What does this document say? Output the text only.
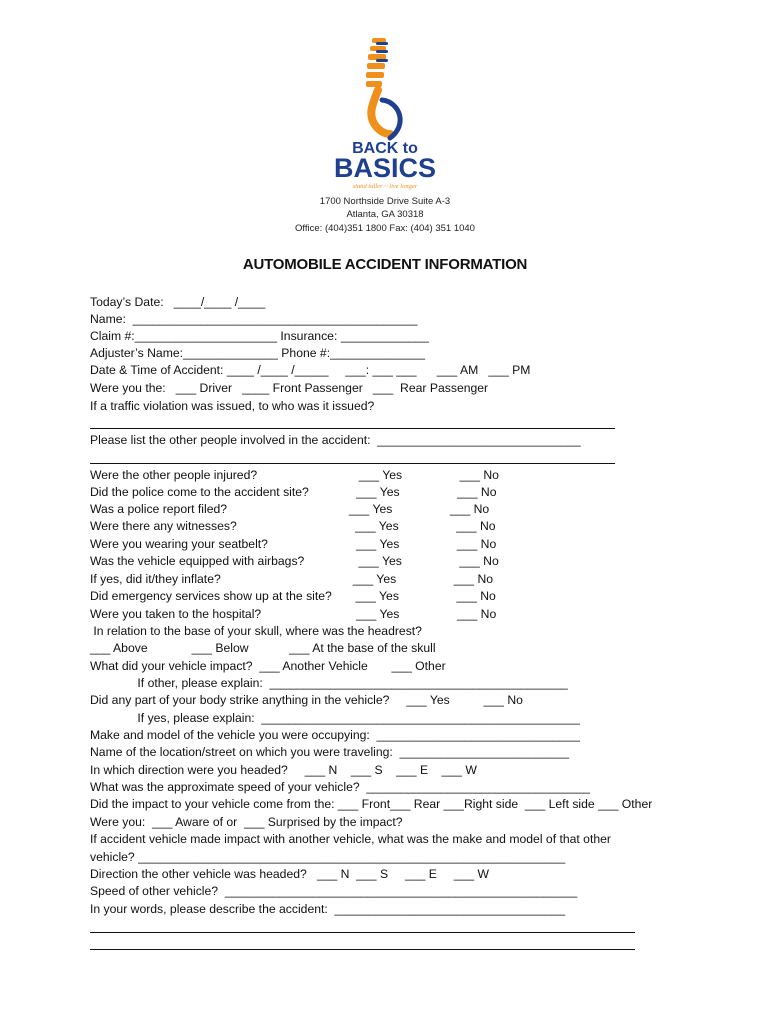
BACK to
BASICS
stand taller ~ live longer
1700 Northside Drive Suite A-3
Atlanta, GA 30318
Office: (404)351 1800 Fax: (404) 351 1040
AUTOMOBILE ACCIDENT INFORMATION
Today’s Date:   ____/____ /____
Name:  __________________________________________
Claim #:_____________________ Insurance: _____________
Adjuster’s Name:______________ Phone #:______________
Date & Time of Accident: ____ /____ /_____     ___: ___ ___      ___ AM   ___ PM
Were you the:   ___ Driver   ____ Front Passenger   ___  Rear Passenger
If a traffic violation was issued, to who was it issued?
Please list the other people involved in the accident:  ______________________________
Were the other people injured?                              ___ Yes                 ___ No
Did the police come to the accident site?              ___ Yes                 ___ No
Was a police report filed?                                    ___ Yes                 ___ No
Were there any witnesses?                                   ___ Yes                 ___ No
Were you wearing your seatbelt?                          ___ Yes                 ___ No
Was the vehicle equipped with airbags?                ___ Yes                 ___ No
If yes, did it/they inflate?                                       ___ Yes                 ___ No
Did emergency services show up at the site?       ___ Yes                 ___ No
Were you taken to the hospital?                            ___ Yes                 ___ No
In relation to the base of your skull, where was the headrest?
___ Above             ___ Below            ___ At the base of the skull
What did your vehicle impact?  ___ Another Vehicle       ___ Other
If other, please explain:  ____________________________________________
Did any part of your body strike anything in the vehicle?     ___ Yes          ___ No
If yes, please explain:  _______________________________________________
Make and model of the vehicle you were occupying:  ______________________________
Name of the location/street on which you were traveling:  _________________________
In which direction were you headed?     ___ N    ___ S    ___ E    ___ W
What was the approximate speed of your vehicle?  _________________________________
Did the impact to your vehicle come from the: ___ Front___ Rear ___Right side  ___ Left side ___ Other
Were you:  ___ Aware of or  ___ Surprised by the impact?
If accident vehicle made impact with another vehicle, what was the make and model of that other
vehicle? _______________________________________________________________
Direction the other vehicle was headed?   ___ N  ___ S     ___ E     ___ W
Speed of other vehicle?  ____________________________________________________
In your words, please describe the accident:  __________________________________
